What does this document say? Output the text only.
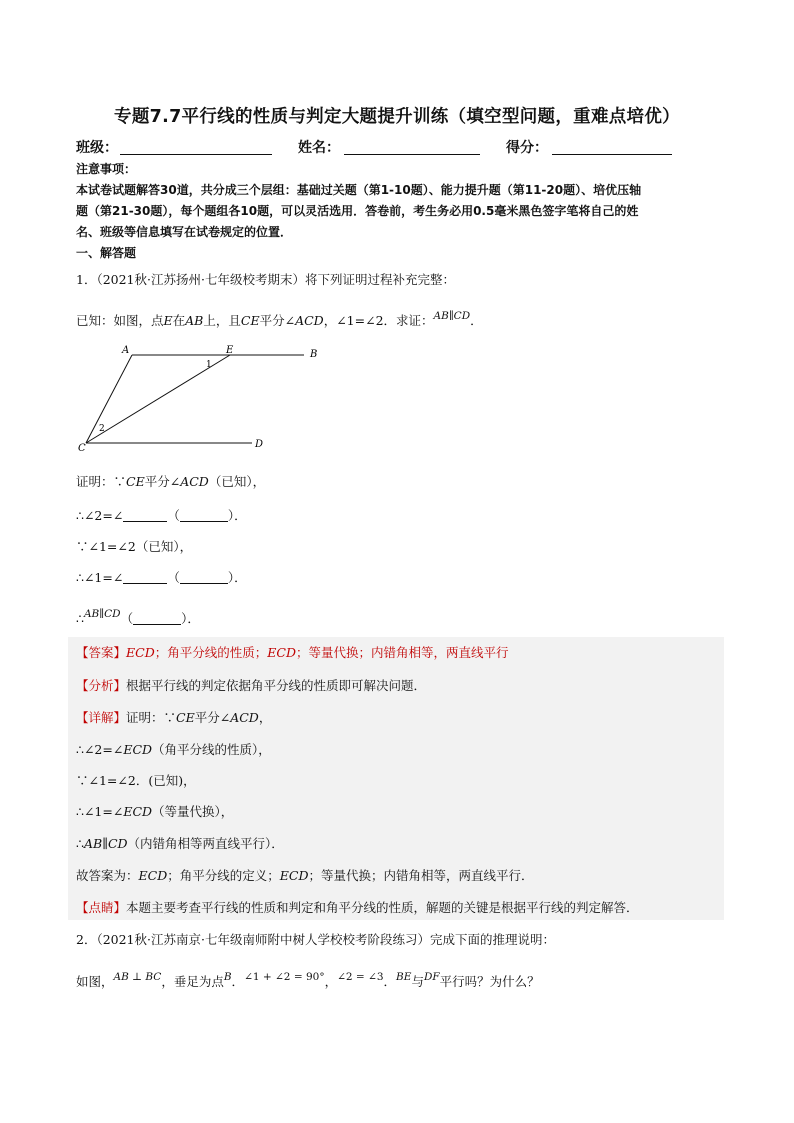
专题7.7平行线的性质与判定大题提升训练（填空型问题，重难点培优）
班级：	姓名：	得分：
注意事项：
本试卷试题解答30道，共分成三个层组：基础过关题（第1-10题）、能力提升题（第11-20题）、培优压轴
题（第21-30题），每个题组各10题，可以灵活选用．答卷前，考生务必用0.5毫米黑色签字笔将自己的姓
名、班级等信息填写在试卷规定的位置．
一、解答题
1．（2021秋·江苏扬州·七年级校考期末）将下列证明过程补充完整：
已知：如图，点E在AB上，且CE平分∠ACD，∠1=∠2．求证：$^{AB\parallel CD}$．
A	E	B
C	D
1
2
证明：∵CE平分∠ACD（已知），
∴∠2=∠	（	）．
∵∠1=∠2（已知），
∴∠1=∠	（	）．
∴$^{AB\parallel CD}$（	）．
【答案】ECD；角平分线的性质；ECD；等量代换；内错角相等，两直线平行
【分析】根据平行线的判定依据角平分线的性质即可解决问题．
【详解】证明：∵CE平分∠ACD，
∴∠2=∠ECD（角平分线的性质），
∵∠1=∠2．(已知)，
∴∠1=∠ECD（等量代换），
∴AB∥CD（内错角相等两直线平行）．
故答案为：ECD；角平分线的定义；ECD；等量代换；内错角相等，两直线平行．
【点睛】本题主要考查平行线的性质和判定和角平分线的性质，解题的关键是根据平行线的判定解答．
2．（2021秋·江苏南京·七年级南师附中树人学校校考阶段练习）完成下面的推理说明：
如图，$^{AB \perp BC}$，垂足为点$^B$．$^{\angle 1 + \angle 2 = 90^\circ}$，$^{\angle 2 = \angle 3}$．$^{BE}$与$^{DF}$平行吗？为什么？
